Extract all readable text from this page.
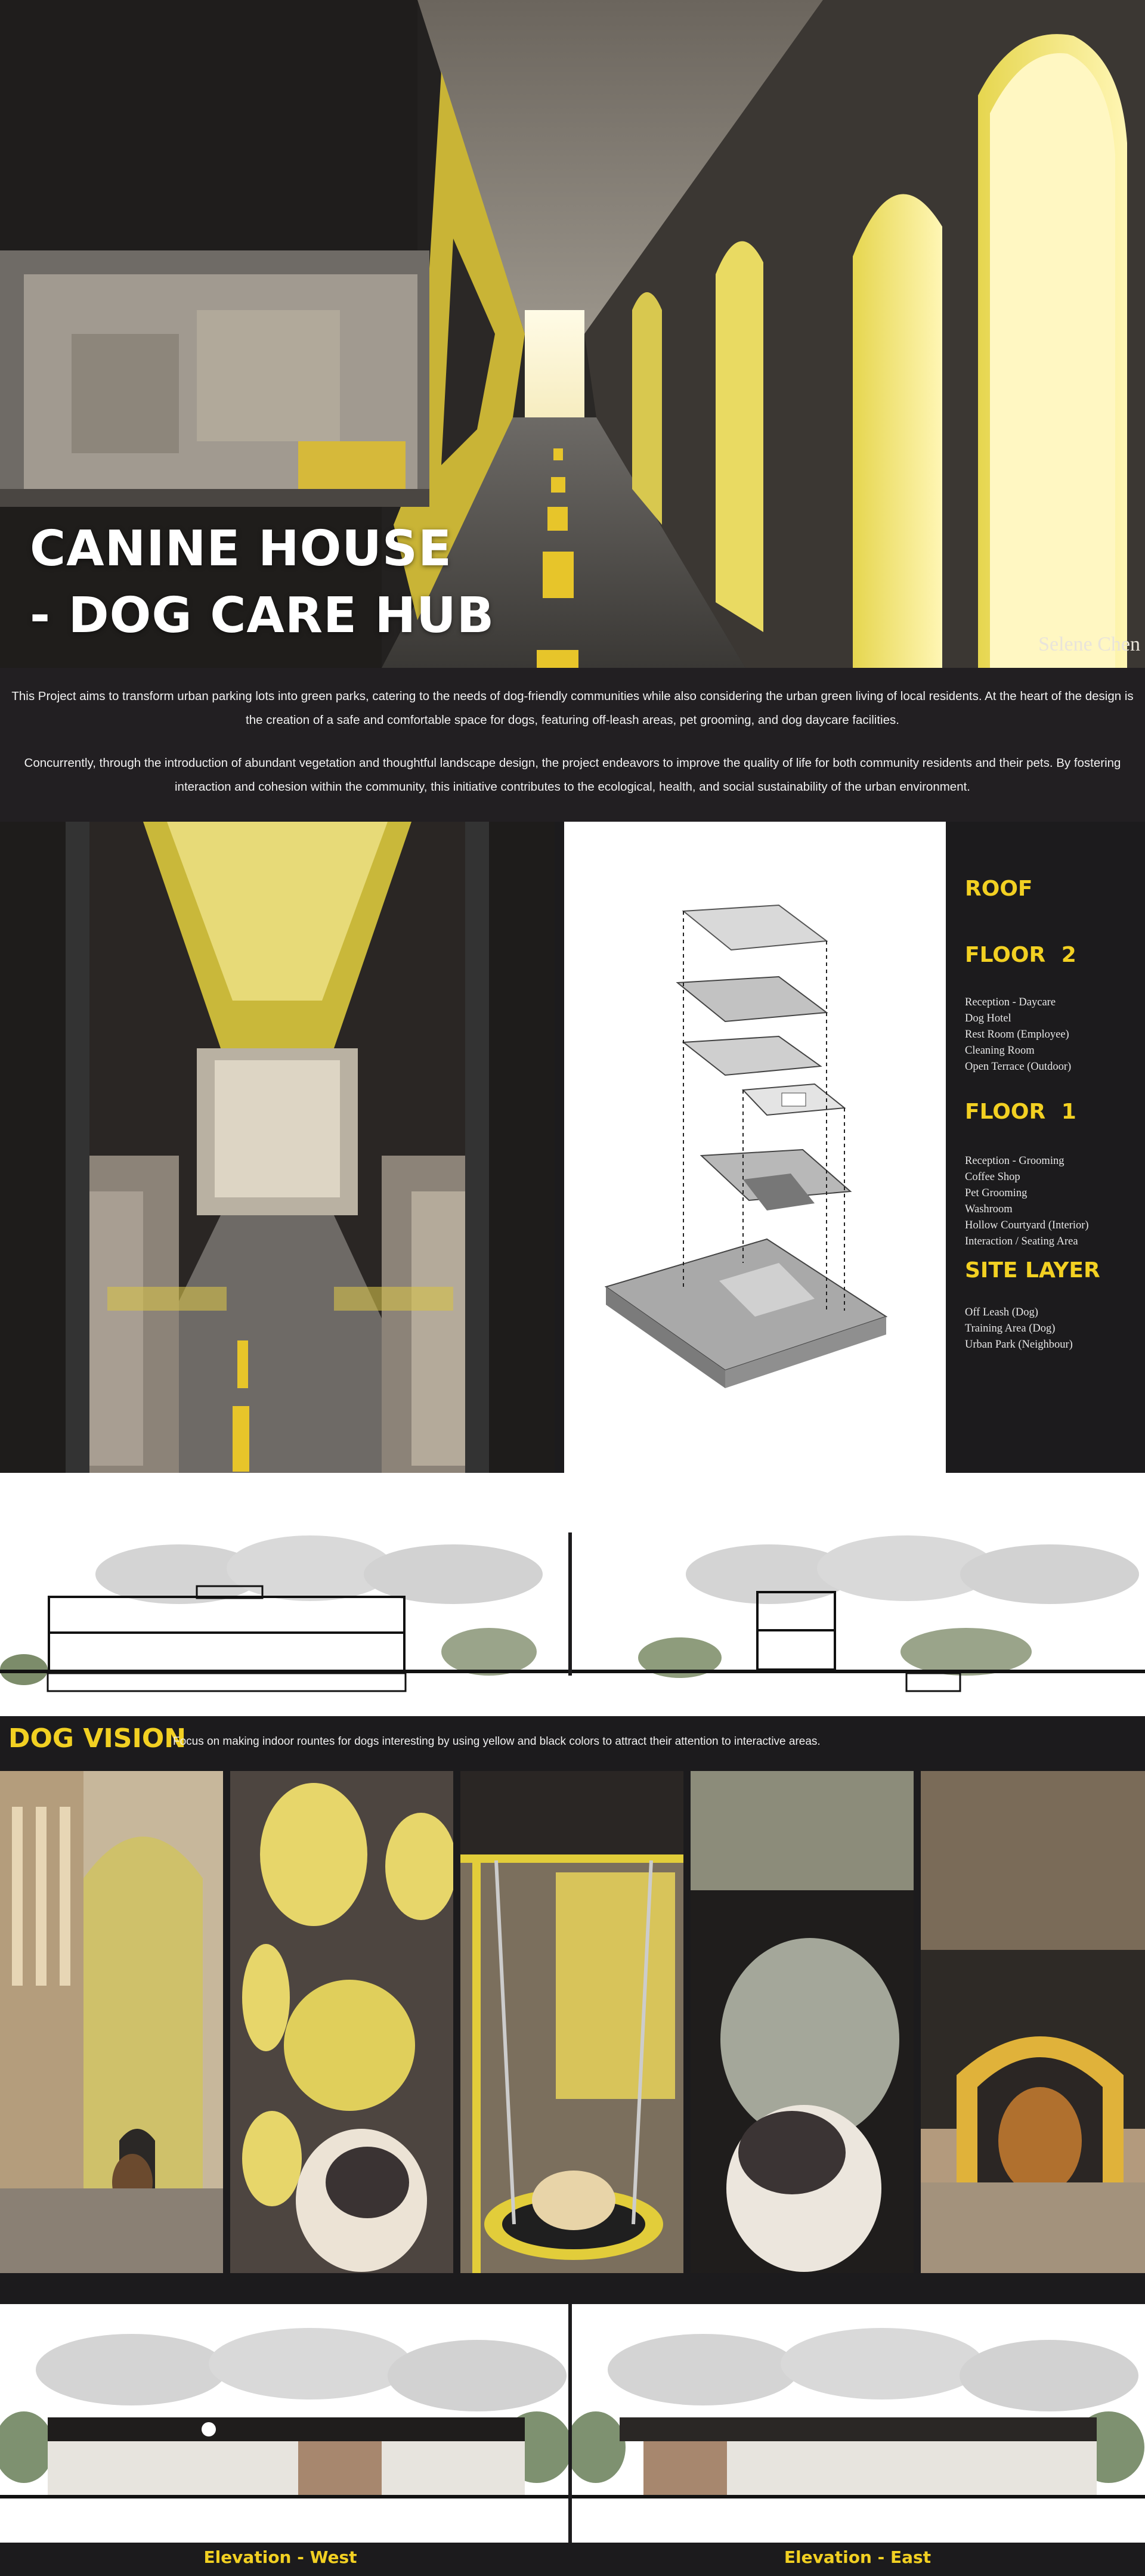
CANINE HOUSE
- DOG CARE HUB
Selene Chen

This Project aims to transform urban parking lots into green parks, catering to the needs of dog-friendly communities while also considering the urban green living of local residents. At the heart of the design is the creation of a safe and comfortable space for dogs, featuring off-leash areas, pet grooming, and dog daycare facilities.

Concurrently, through the introduction of abundant vegetation and thoughtful landscape design, the project endeavors to improve the quality of life for both community residents and their pets. By fostering interaction and cohesion within the community, this initiative contributes to the ecological, health, and social sustainability of the urban environment.

ROOF
FLOOR 2
Reception - Daycare
Dog Hotel
Rest Room (Employee)
Cleaning Room
Open Terrace (Outdoor)
FLOOR 1
Reception - Grooming
Coffee Shop
Pet Grooming
Washroom
Hollow Courtyard (Interior)
Interaction / Seating Area
SITE LAYER
Off Leash (Dog)
Training Area (Dog)
Urban Park (Neighbour)
DOG VISION
Focus on making indoor rountes for dogs interesting by using yellow and black colors to attract their attention to interactive areas.
Elevation - West	Elevation - East
